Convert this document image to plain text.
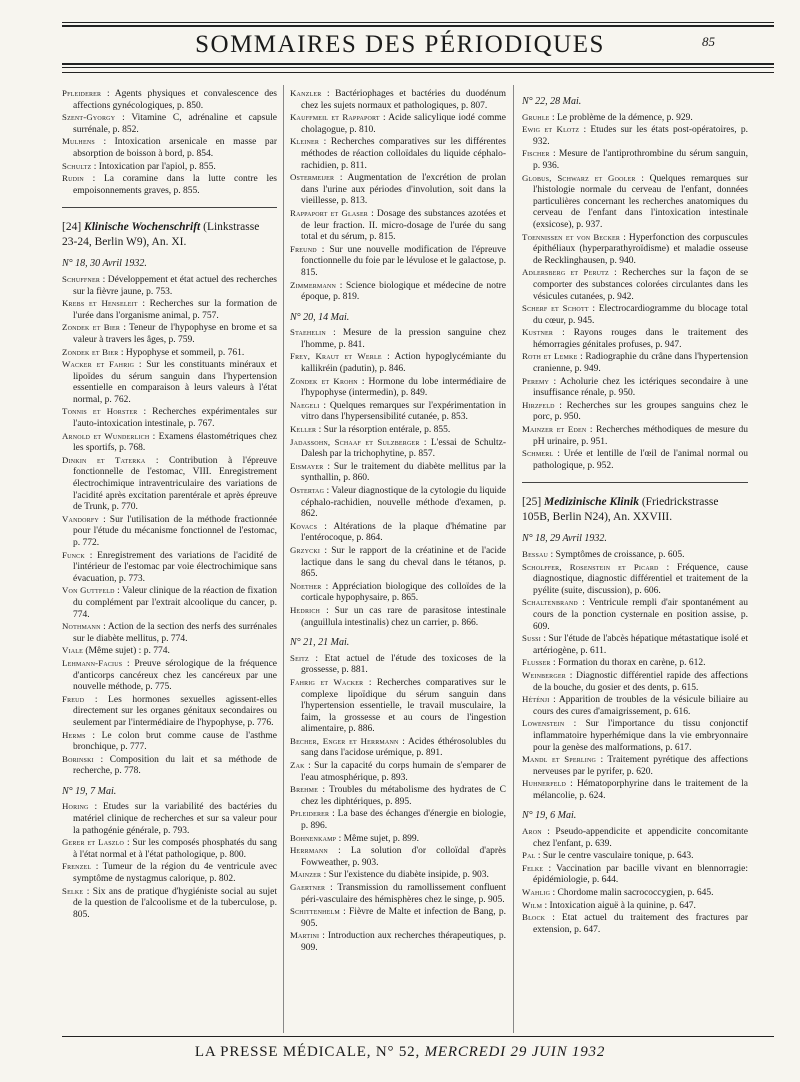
SOMMAIRES DES PÉRIODIQUES	85

Pfleiderer : Agents physiques et convalescence des affections gynécologiques, p. 850.

Szent-Gyorgy : Vitamine C, adrénaline et capsule surrénale, p. 852.

Mulhens : Intoxication arsenicale en masse par absorption de boisson à bord, p. 854.

Schultz : Intoxication par l'apiol, p. 855.

Rudin : La coramine dans la lutte contre les empoisonnements graves, p. 855.

[24] Klinische Wochenschrift (Linkstrasse 23-24, Berlin W9), An. XI.
N° 18, 30 Avril 1932.

Schuffner : Développement et état actuel des recherches sur la fièvre jaune, p. 753.

Krebs et Henseleit : Recherches sur la formation de l'urée dans l'organisme animal, p. 757.

Zondek et Bier : Teneur de l'hypophyse en brome et sa valeur à travers les âges, p. 759.

Zondek et Bier : Hypophyse et sommeil, p. 761.

Wacker et Fahrig : Sur les constituants minéraux et lipoïdes du sérum sanguin dans l'hypertension essentielle en comparaison à leurs valeurs à l'état normal, p. 762.

Tonnis et Horster : Recherches expérimentales sur l'auto-intoxication intestinale, p. 767.

Arnold et Wunderlich : Examens élastométriques chez les sportifs, p. 768.

Dinkin et Taterka : Contribution à l'épreuve fonctionnelle de l'estomac, VIII. Enregistrement électrochimique intraventriculaire des variations de l'acidité après excitation parentérale et après épreuve de Trunk, p. 770.

Vandorfy : Sur l'utilisation de la méthode fractionnée pour l'étude du mécanisme fonctionnel de l'estomac, p. 772.

Funck : Enregistrement des variations de l'acidité de l'intérieur de l'estomac par voie électrochimique sans évacuation, p. 773.

Von Guttfeld : Valeur clinique de la réaction de fixation du complément par l'extrait alcoolique du cancer, p. 774.

Nothmann : Action de la section des nerfs des surrénales sur le diabète mellitus, p. 774.

Viale (Même sujet) : p. 774.

Lehmann-Facius : Preuve sérologique de la fréquence d'anticorps cancéreux chez les cancéreux par une nouvelle méthode, p. 775.

Freud : Les hormones sexuelles agissent-elles directement sur les organes génitaux secondaires ou seulement par l'intermédiaire de l'hypophyse, p. 776.

Herms : Le colon brut comme cause de l'asthme bronchique, p. 777.

Borinski : Composition du lait et sa méthode de recherche, p. 778.

N° 19, 7 Mai.

Horing : Etudes sur la variabilité des bactéries du matériel clinique de recherches et sur sa valeur pour la pathogénie générale, p. 793.

Gerer et Laszlo : Sur les composés phosphatés du sang à l'état normal et à l'état pathologique, p. 800.

Frenzel : Tumeur de la région du 4e ventricule avec symptôme de nystagmus calorique, p. 802.

Selke : Six ans de pratique d'hygiéniste social au sujet de la question de l'alcoolisme et de la tuberculose, p. 805.

Kanzler : Bactériophages et bactéries du duodénum chez les sujets normaux et pathologiques, p. 807.

Kauffmeil et Rappaport : Acide salicylique iodé comme cholagogue, p. 810.

Kleiner : Recherches comparatives sur les différentes méthodes de réaction colloïdales du liquide céphalo-rachidien, p. 811.

Ostermeijer : Augmentation de l'excrétion de prolan dans l'urine aux périodes d'involution, soit dans la vieillesse, p. 813.

Rappaport et Glaser : Dosage des substances azotées et de leur fraction. II. micro-dosage de l'urée du sang total et du sérum, p. 815.

Freund : Sur une nouvelle modification de l'épreuve fonctionnelle du foie par le lévulose et le galactose, p. 815.

Zimmermann : Science biologique et médecine de notre époque, p. 819.

N° 20, 14 Mai.

Staehelin : Mesure de la pression sanguine chez l'homme, p. 841.

Frey, Kraut et Werle : Action hypoglycémiante du kallikréin (padutin), p. 846.

Zondek et Krohn : Hormone du lobe intermédiaire de l'hypophyse (intermedin), p. 849.

Naegeli : Quelques remarques sur l'expérimentation in vitro dans l'hypersensibilité cutanée, p. 853.

Keller : Sur la résorption entérale, p. 855.

Jadassohn, Schaaf et Sulzberger : L'essai de Schultz-Dalesh par la trichophytine, p. 857.

Eismayer : Sur le traitement du diabète mellitus par la synthallin, p. 860.

Ostertag : Valeur diagnostique de la cytologie du liquide céphalo-rachidien, nouvelle méthode d'examen, p. 862.

Kovacs : Altérations de la plaque d'hématine par l'entérocoque, p. 864.

Grzycki : Sur le rapport de la créatinine et de l'acide lactique dans le sang du cheval dans le tétanos, p. 865.

Noether : Appréciation biologique des colloïdes de la corticale hypophysaire, p. 865.

Hedrich : Sur un cas rare de parasitose intestinale (anguillula intestinalis) chez un carrier, p. 866.

N° 21, 21 Mai.

Seitz : Etat actuel de l'étude des toxicoses de la grossesse, p. 881.

Fahrig et Wacker : Recherches comparatives sur le complexe lipoïdique du sérum sanguin dans l'hypertension essentielle, le travail musculaire, la faim, la grossesse et au cours de l'ingestion alimentaire, p. 886.

Becher, Enger et Herrmann : Acides éthérosolubles du sang dans l'acidose urémique, p. 891.

Zak : Sur la capacité du corps humain de s'emparer de l'eau atmosphérique, p. 893.

Brehme : Troubles du métabolisme des hydrates de C chez les diphtériques, p. 895.

Pfleiderer : La base des échanges d'énergie en biologie, p. 896.

Bohnenkamp : Même sujet, p. 899.

Herrmann : La solution d'or colloïdal d'après Fowweather, p. 903.

Mainzer : Sur l'existence du diabète insipide, p. 903.

Gaertner : Transmission du ramollissement confluent péri-vasculaire des hémisphères chez le singe, p. 905.

Schittenhelm : Fièvre de Malte et infection de Bang, p. 905.

Martini : Introduction aux recherches thérapeutiques, p. 909.

N° 22, 28 Mai.

Gruhle : Le problème de la démence, p. 929.

Ewig et Klotz : Etudes sur les états post-opératoires, p. 932.

Fischer : Mesure de l'antiprothrombine du sérum sanguin, p. 936.

Globus, Schwarz et Gooler : Quelques remarques sur l'histologie normale du cerveau de l'enfant, données particulières concernant les recherches anatomiques du cerveau de l'enfant dans l'intoxication intestinale (exsicose), p. 937.

Toennissen et von Becker : Hyperfonction des corpuscules épithéliaux (hyperparathyroïdisme) et maladie osseuse de Recklinghausen, p. 940.

Adlersberg et Perutz : Recherches sur la façon de se comporter des substances colorées circulantes dans les vésicules cutanées, p. 942.

Scherf et Schott : Electrocardiogramme du blocage total du cœur, p. 945.

Kustner : Rayons rouges dans le traitement des hémorragies génitales profuses, p. 947.

Roth et Lemke : Radiographie du crâne dans l'hypertension cranienne, p. 949.

Peremy : Acholurie chez les ictériques secondaire à une insuffisance rénale, p. 950.

Hirzfeld : Recherches sur les groupes sanguins chez le porc, p. 950.

Mainzer et Eden : Recherches méthodiques de mesure du pH urinaire, p. 951.

Schmerl : Urée et lentille de l'œil de l'animal normal ou pathologique, p. 952.

[25] Medizinische Klinik (Friedrickstrasse 105B, Berlin N24), An. XXVIII.
N° 18, 29 Avril 1932.

Bessau : Symptômes de croissance, p. 605.

Scholffer, Rosenstein et Picard : Fréquence, cause diagnostique, diagnostic différentiel et traitement de la pyélite (suite, discussion), p. 606.

Schaltenbrand : Ventricule rempli d'air spontanément au cours de la ponction cysternale en position assise, p. 609.

Sussi : Sur l'étude de l'abcès hépatique métastatique isolé et artériogène, p. 611.

Flusser : Formation du thorax en carène, p. 612.

Weinberger : Diagnostic différentiel rapide des affections de la bouche, du gosier et des dents, p. 615.

Héténji : Apparition de troubles de la vésicule biliaire au cours des cures d'amaigrissement, p. 616.

Lowenstein : Sur l'importance du tissu conjonctif inflammatoire hyperhémique dans la vie embryonnaire pour la genèse des malformations, p. 617.

Mandl et Sperling : Traitement pyrétique des affections nerveuses par le pyrifer, p. 620.

Huhnerfeld : Hématoporphyrine dans le traitement de la mélancolie, p. 624.

N° 19, 6 Mai.

Aron : Pseudo-appendicite et appendicite concomitante chez l'enfant, p. 639.

Pal : Sur le centre vasculaire tonique, p. 643.

Felke : Vaccination par bacille vivant en blennorragie: épidémiologie, p. 644.

Wahlig : Chordome malin sacrococcygien, p. 645.

Wilm : Intoxication aiguë à la quinine, p. 647.

Block : Etat actuel du traitement des fractures par extension, p. 647.

LA PRESSE MÉDICALE, N° 52, MERCREDI 29 JUIN 1932
